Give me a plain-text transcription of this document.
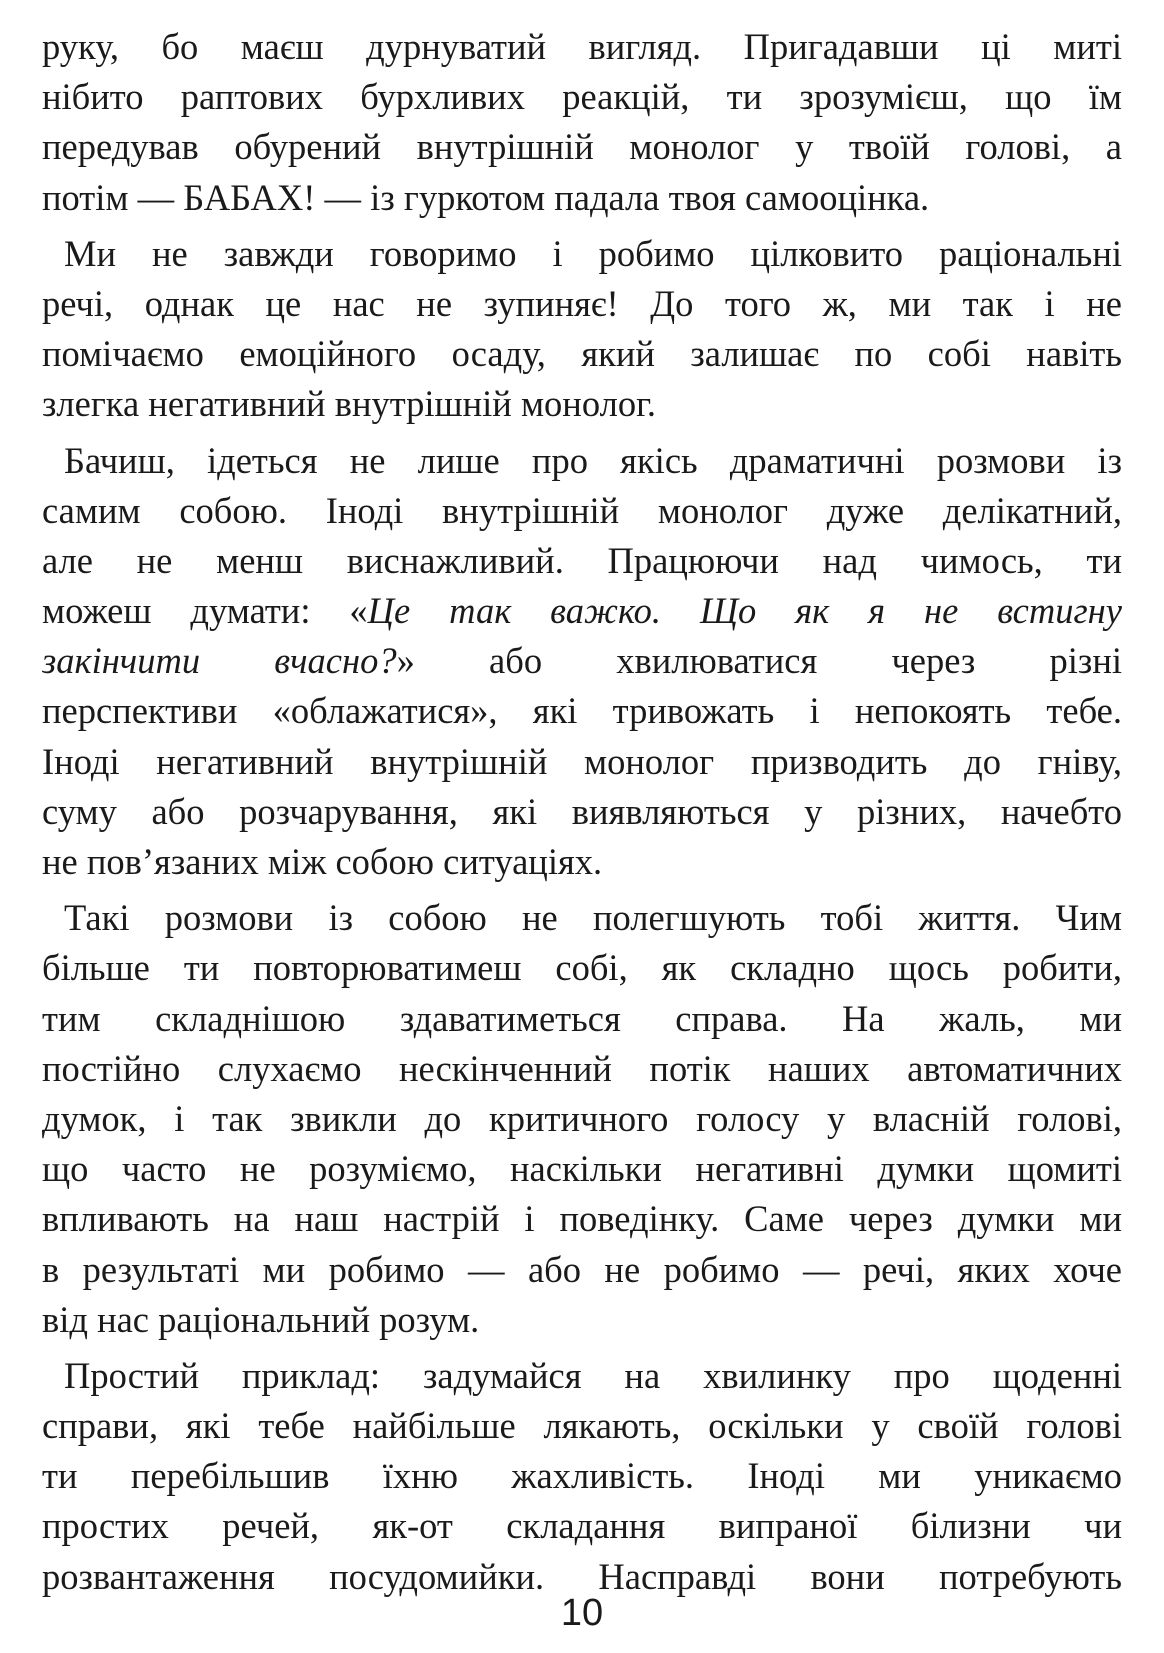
руку, бо маєш дурнуватий вигляд. Пригадавши ці миті
нібито раптових бурхливих реакцій, ти зрозумієш, що їм
передував обурений внутрішній монолог у твоїй голові, а
потім — БАБАХ! — із гуркотом падала твоя самооцінка.
Ми не завжди говоримо і робимо цілковито раціональні
речі, однак це нас не зупиняє! До того ж, ми так і не
помічаємо емоційного осаду, який залишає по собі навіть
злегка негативний внутрішній монолог.
Бачиш, ідеться не лише про якісь драматичні розмови із
самим собою. Іноді внутрішній монолог дуже делікатний,
але не менш виснажливий. Працюючи над чимось, ти
можеш думати: «Це так важко. Що як я не встигну
закінчити вчасно?» або хвилюватися через різні
перспективи «облажатися», які тривожать і непокоять тебе.
Іноді негативний внутрішній монолог призводить до гніву,
суму або розчарування, які виявляються у різних, начебто
не пов’язаних між собою ситуаціях.
Такі розмови із собою не полегшують тобі життя. Чим
більше ти повторюватимеш собі, як складно щось робити,
тим складнішою здаватиметься справа. На жаль, ми
постійно слухаємо нескінченний потік наших автоматичних
думок, і так звикли до критичного голосу у власній голові,
що часто не розуміємо, наскільки негативні думки щомиті
впливають на наш настрій і поведінку. Саме через думки ми
в результаті ми робимо — або не робимо — речі, яких хоче
від нас раціональний розум.
Простий приклад: задумайся на хвилинку про щоденні
справи, які тебе найбільше лякають, оскільки у своїй голові
ти перебільшив їхню жахливість. Іноді ми уникаємо
простих речей, як-от складання випраної білизни чи
розвантаження посудомийки. Насправді вони потребують
10
